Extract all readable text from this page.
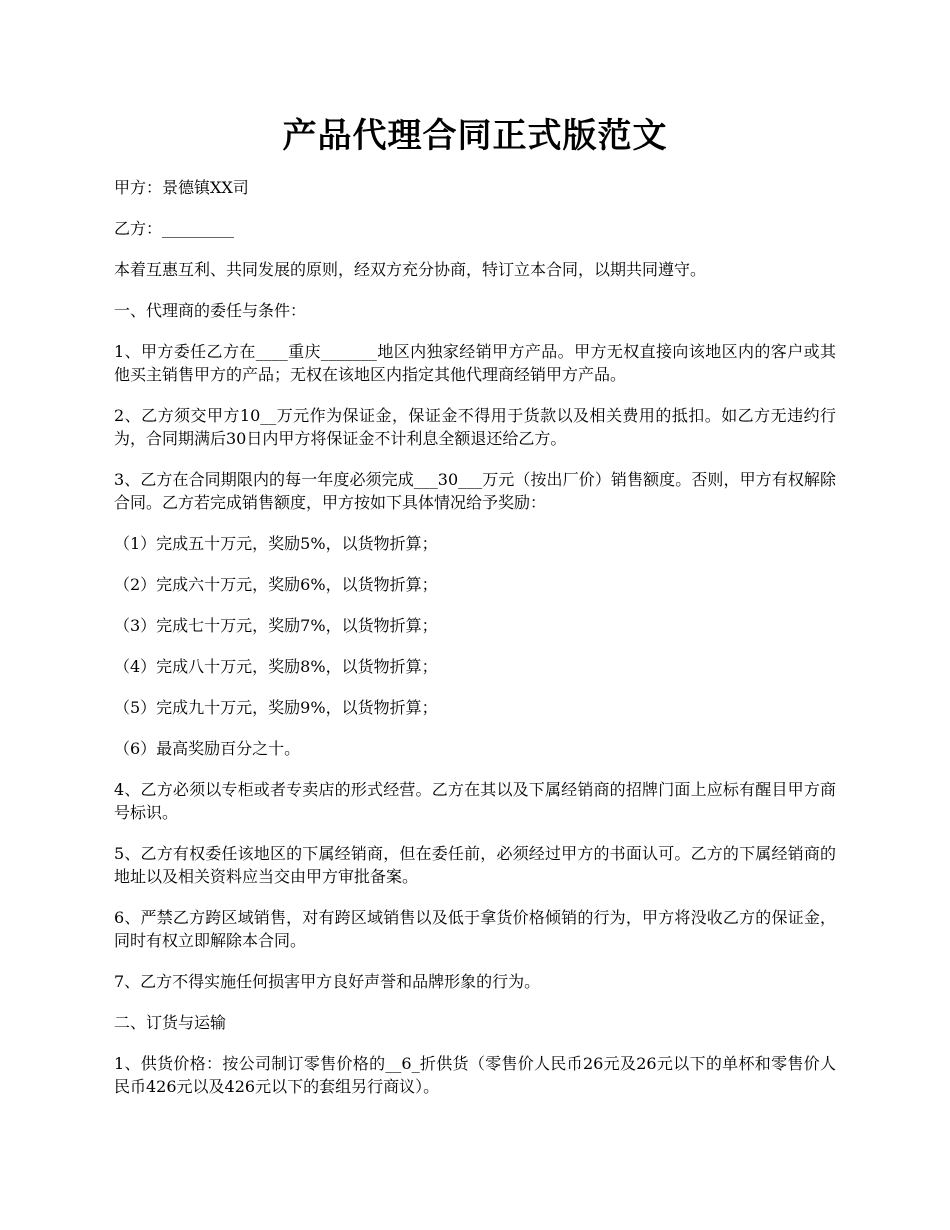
产品代理合同正式版范文

甲方：景德镇XX司

乙方：_________

本着互惠互利、共同发展的原则，经双方充分协商，特订立本合同，以期共同遵守。

一、代理商的委任与条件：

1、甲方委任乙方在____重庆_______地区内独家经销甲方产品。甲方无权直接向该地区内的客户或其他买主销售甲方的产品；无权在该地区内指定其他代理商经销甲方产品。

2、乙方须交甲方10__万元作为保证金，保证金不得用于货款以及相关费用的抵扣。如乙方无违约行为，合同期满后30日内甲方将保证金不计利息全额退还给乙方。

3、乙方在合同期限内的每一年度必须完成___30___万元（按出厂价）销售额度。否则，甲方有权解除合同。乙方若完成销售额度，甲方按如下具体情况给予奖励：

（1）完成五十万元，奖励5%，以货物折算；

（2）完成六十万元，奖励6%，以货物折算；

（3）完成七十万元，奖励7%，以货物折算；

（4）完成八十万元，奖励8%，以货物折算；

（5）完成九十万元，奖励9%，以货物折算；

（6）最高奖励百分之十。

4、乙方必须以专柜或者专卖店的形式经营。乙方在其以及下属经销商的招牌门面上应标有醒目甲方商号标识。

5、乙方有权委任该地区的下属经销商，但在委任前，必须经过甲方的书面认可。乙方的下属经销商的地址以及相关资料应当交由甲方审批备案。

6、严禁乙方跨区域销售，对有跨区域销售以及低于拿货价格倾销的行为，甲方将没收乙方的保证金，同时有权立即解除本合同。

7、乙方不得实施任何损害甲方良好声誉和品牌形象的行为。

二、订货与运输

1、供货价格：按公司制订零售价格的__6_折供货（零售价人民币26元及26元以下的单杯和零售价人民币426元以及426元以下的套组另行商议）。
